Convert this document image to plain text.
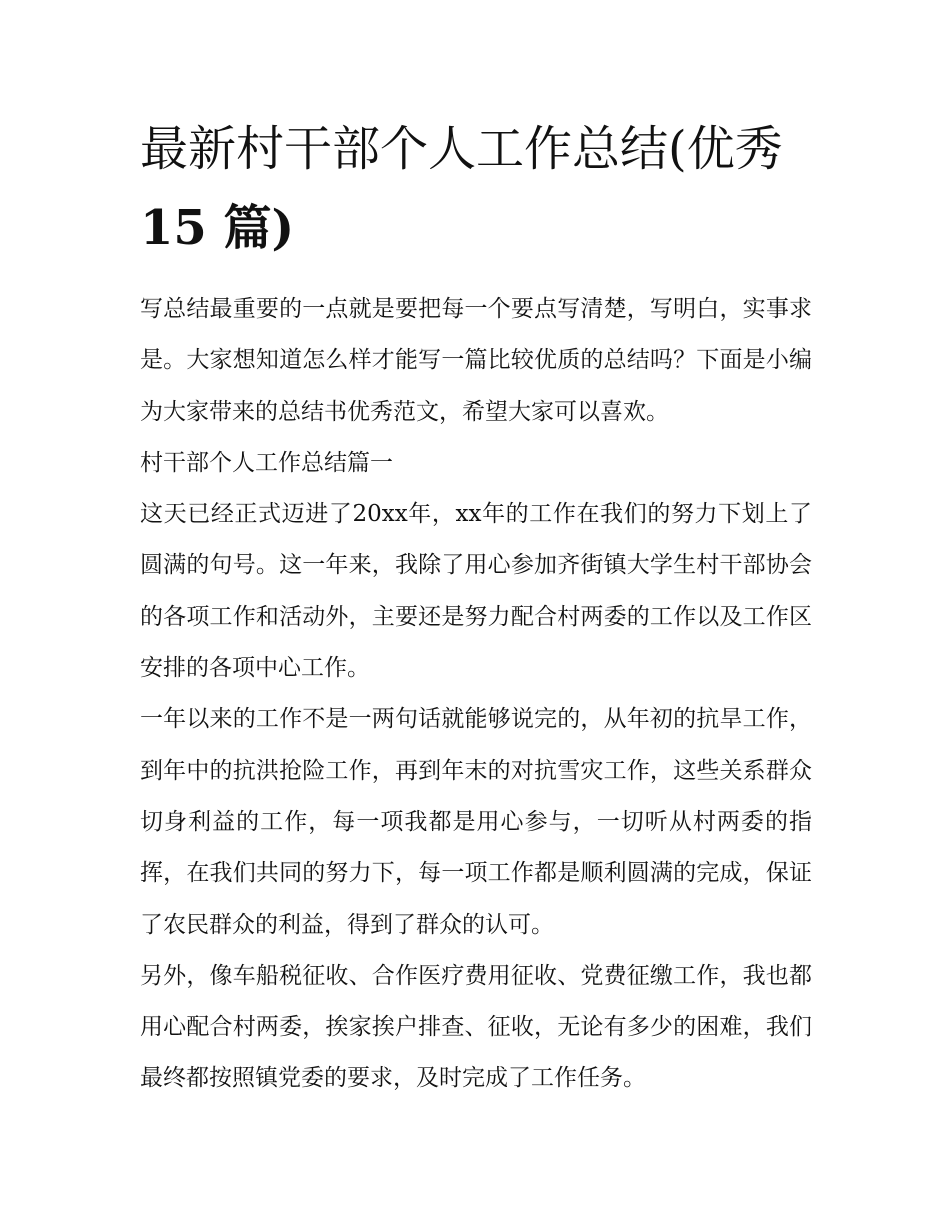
最新村干部个人工作总结(优秀
15 篇)

写总结最重要的一点就是要把每一个要点写清楚，写明白，实事求是。大家想知道怎么样才能写一篇比较优质的总结吗？下面是小编为大家带来的总结书优秀范文，希望大家可以喜欢。

村干部个人工作总结篇一

这天已经正式迈进了20xx年，xx年的工作在我们的努力下划上了圆满的句号。这一年来，我除了用心参加齐街镇大学生村干部协会的各项工作和活动外，主要还是努力配合村两委的工作以及工作区安排的各项中心工作。

一年以来的工作不是一两句话就能够说完的，从年初的抗旱工作，到年中的抗洪抢险工作，再到年末的对抗雪灾工作，这些关系群众切身利益的工作，每一项我都是用心参与，一切听从村两委的指挥，在我们共同的努力下，每一项工作都是顺利圆满的完成，保证了农民群众的利益，得到了群众的认可。

另外，像车船税征收、合作医疗费用征收、党费征缴工作，我也都用心配合村两委，挨家挨户排查、征收，无论有多少的困难，我们最终都按照镇党委的要求，及时完成了工作任务。
